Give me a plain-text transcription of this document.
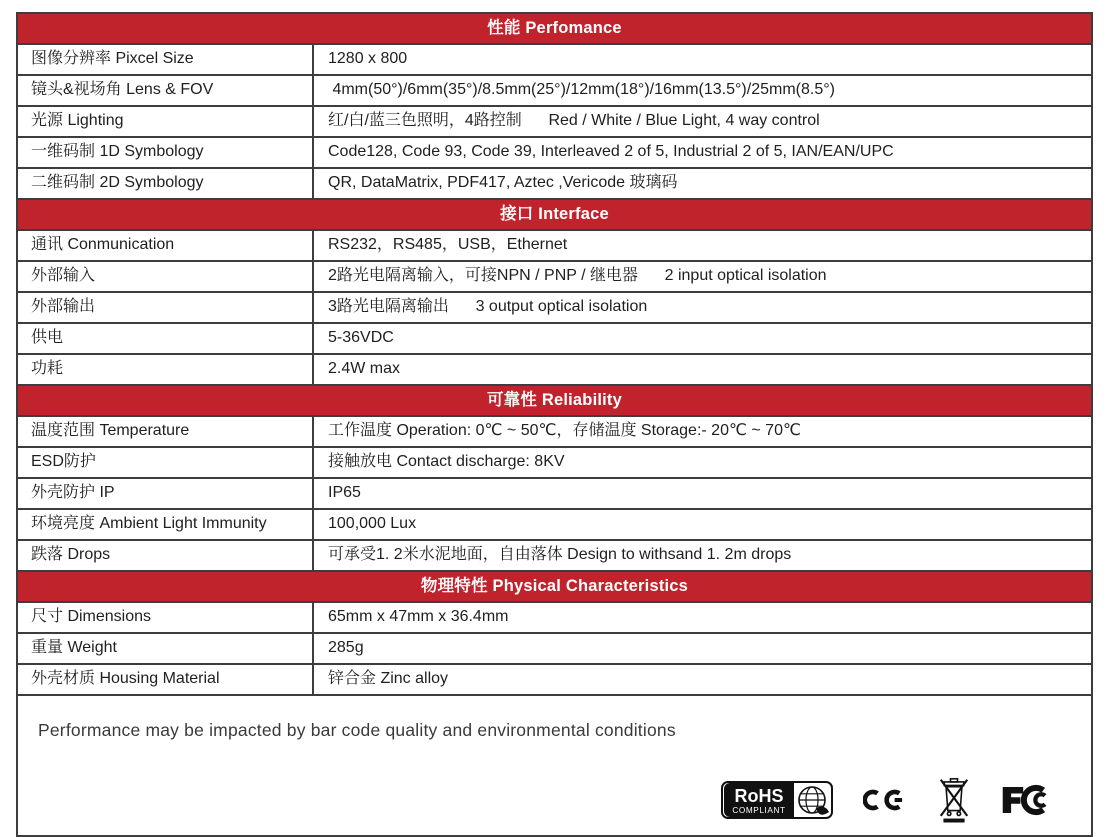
性能 Perfomance
图像分辨率 Pixcel Size	1280 x 800
镜头&视场角 Lens & FOV	4mm(50°)/6mm(35°)/8.5mm(25°)/12mm(18°)/16mm(13.5°)/25mm(8.5°)
光源 Lighting	红/白/蓝三色照明，4路控制      Red / White / Blue Light, 4 way control
一维码制 1D Symbology	Code128, Code 93, Code 39, Interleaved 2 of 5, Industrial 2 of 5, IAN/EAN/UPC
二维码制 2D Symbology	QR, DataMatrix, PDF417, Aztec ,Vericode 玻璃码
接口 Interface
通讯 Conmunication	RS232，RS485，USB，Ethernet
外部输入	2路光电隔离输入，可接NPN / PNP / 继电器      2 input optical isolation
外部输出	3路光电隔离输出      3 output optical isolation
供电	5-36VDC
功耗	2.4W max
可靠性 Reliability
温度范围 Temperature	工作温度 Operation: 0℃ ~ 50℃，存储温度 Storage:- 20℃ ~ 70℃
ESD防护	接触放电 Contact discharge: 8KV
外壳防护 IP	IP65
环境亮度 Ambient Light Immunity	100,000 Lux
跌落 Drops	可承受1. 2米水泥地面，自由落体 Design to withsand 1. 2m drops
物理特性 Physical Characteristics
尺寸 Dimensions	65mm x 47mm x 36.4mm
重量 Weight	285g
外壳材质 Housing Material	锌合金 Zinc alloy
Performance may be impacted by bar code quality and environmental conditions
RoHS
COMPLIANT
